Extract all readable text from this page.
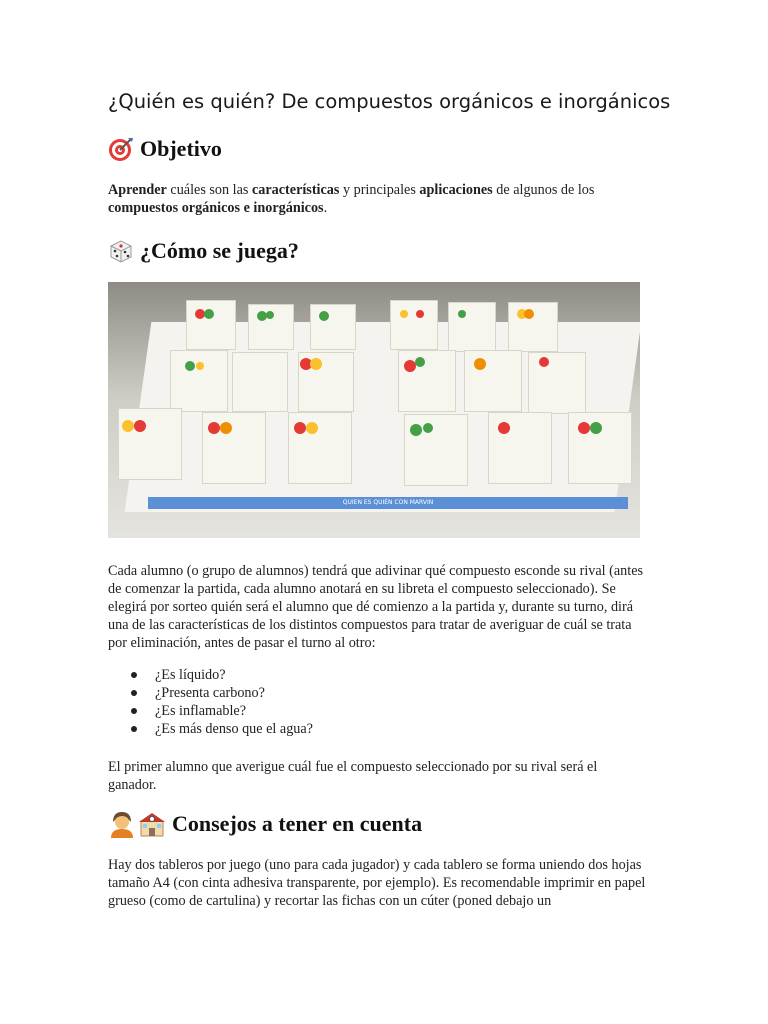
¿Quién es quién? De compuestos orgánicos e inorgánicos
Objetivo

Aprender cuáles son las características y principales aplicaciones de algunos de los compuestos orgánicos e inorgánicos.

¿Cómo se juega?
QUIEN ES QUIÉN CON MARVIN

Cada alumno (o grupo de alumnos) tendrá que adivinar qué compuesto esconde su rival (antes de comenzar la partida, cada alumno anotará en su libreta el compuesto seleccionado). Se elegirá por sorteo quién será el alumno que dé comienzo a la partida y, durante su turno, dirá una de las características de los distintos compuestos para tratar de averiguar de cuál se trata por eliminación, antes de pasar el turno al otro:

¿Es líquido?
¿Presenta carbono?
¿Es inflamable?
¿Es más denso que el agua?

El primer alumno que averigue cuál fue el compuesto seleccionado por su rival será el ganador.

Consejos a tener en cuenta

Hay dos tableros por juego (uno para cada jugador) y cada tablero se forma uniendo dos hojas tamaño A4 (con cinta adhesiva transparente, por ejemplo). Es recomendable imprimir en papel grueso (como de cartulina) y recortar las fichas con un cúter (poned debajo un
